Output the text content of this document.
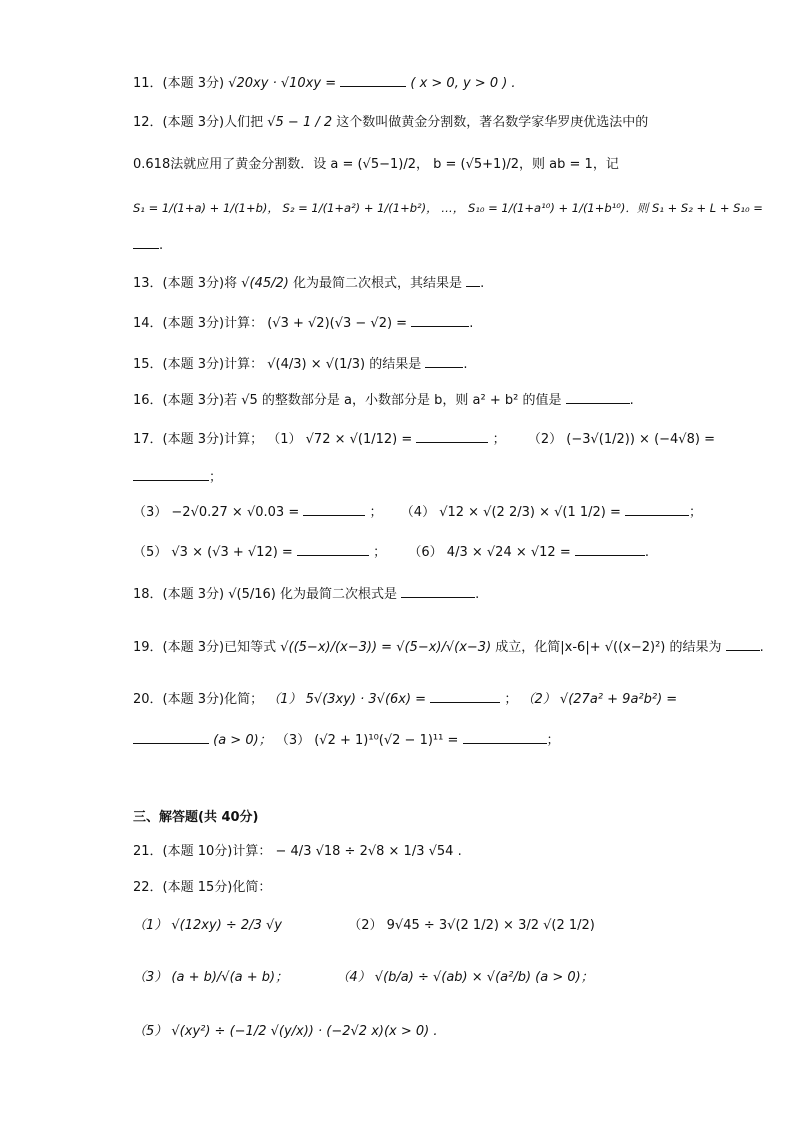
11．(本题 3分) √20xy · √10xy =	( x > 0, y > 0 ) .
12．(本题 3分)人们把 √5 − 1 / 2 这个数叫做黄金分割数，著名数学家华罗庚优选法中的
0.618法就应用了黄金分割数．设 a = (√5−1)/2， b = (√5+1)/2，则 ab = 1，记
S₁ = 1/(1+a) + 1/(1+b)， S₂ = 1/(1+a²) + 1/(1+b²)， …， S₁₀ = 1/(1+a¹⁰) + 1/(1+b¹⁰)．则 S₁ + S₂ + L + S₁₀ =
.
13．(本题 3分)将 √(45/2) 化为最简二次根式，其结果是 .
14．(本题 3分)计算： (√3 + √2)(√3 − √2) =	.
15．(本题 3分)计算： √(4/3) × √(1/3) 的结果是	.
16．(本题 3分)若 √5 的整数部分是 a，小数部分是 b，则 a² + b² 的值是	.
17．(本题 3分)计算； （1） √72 × √(1/12) =	； （2） (−3√(1/2)) × (−4√8) =
；
（3） −2√0.27 × √0.03 =	； （4） √12 × √(2 2/3) × √(1 1/2) =	；
（5） √3 × (√3 + √12) =	； （6） 4/3 × √24 × √12 =	.
18．(本题 3分) √(5/16) 化为最简二次根式是	.
19．(本题 3分)已知等式 √((5−x)/(x−3)) = √(5−x)/√(x−3) 成立，化简|x-6|+ √((x−2)²) 的结果为	.
20．(本题 3分)化简； （1） 5√(3xy) · 3√(6x) =	； （2） √(27a² + 9a²b²) =
(a > 0)； （3） (√2 + 1)¹⁰(√2 − 1)¹¹ =	；
三、解答题(共 40分)
21．(本题 10分)计算： − 4/3 √18 ÷ 2√8 × 1/3 √54 .
22．(本题 15分)化简：
（1） √(12xy) ÷ 2/3 √y	（2） 9√45 ÷ 3√(2 1/2) × 3/2 √(2 1/2)
（3） (a + b)/√(a + b)；	（4） √(b/a) ÷ √(ab) × √(a²/b) (a > 0)；
（5） √(xy²) ÷ (−1/2 √(y/x)) · (−2√2 x)(x > 0) .
